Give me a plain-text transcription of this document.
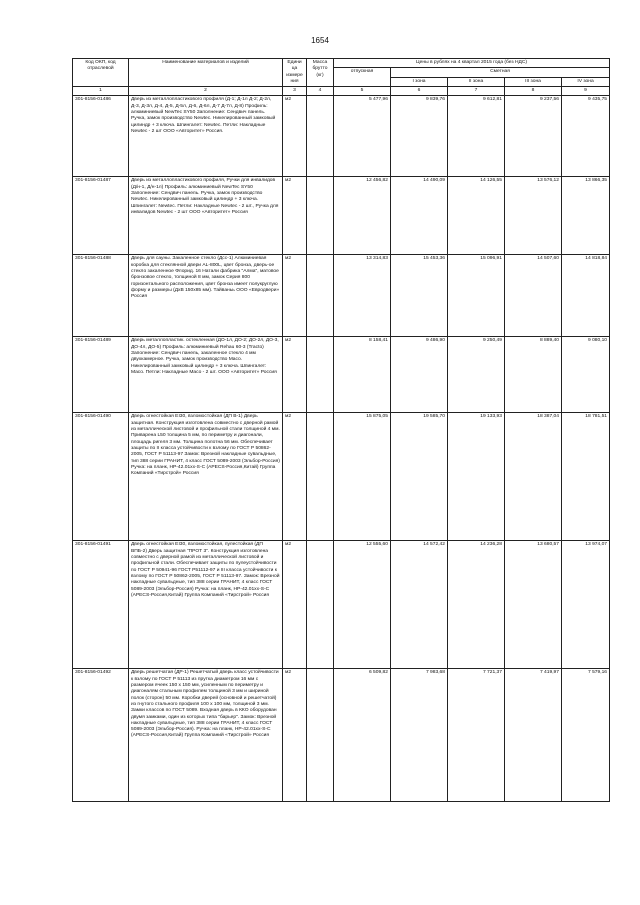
1654
Код ОКП, код отраслевой	Наименование материалов и изделий	Едини ца измере ния	Масса брутто (кг)	Цены в рублях на 4 квартал 2015 года (без НДС)				
				отпускная	Сметная			
					I зона	II зона	III зона	IV зона
1	2	3	4	5	6	7	8	9
301-8156-01486	Дверь из металлопластикового профиля (Д-1; Д-1л Д-2; Д-2л, Д-3, Д-3л, Д-4, Д-5, Д-5л, Д-6, Д-6л, Д-7 Д-7л, Д-8) Профиль: алюминиевый NewTec SY50 Заполнение: Сендвич панель. Ручка, замок производство Newtec. Никелированный замковый цилиндр + 3 ключа. Шпингалет: Newtec. Петли: Накладные Newtec - 2 шт ООО «Авторитет» Россия.	м2		5 477,96	9 839,76	9 612,81	9 237,56	9 435,75
301-8156-01487	Дверь из металлопластикового профиля, Ручки для инвалидов (Д/н-1, Д/н-1л) Профиль: алюминиевый NewTec SY50 Заполнение: Сендвич панель. Ручка, замок производство Newtec. Никелированный замковый цилиндр + 3 ключа. Шпингалет: Newtec. Петли: Накладные Newtec - 2 шт., Ручка для инвалидов Newtec - 2 шт ООО «Авторитет» Россия	м2		12 456,82	14 490,09	14 126,55	13 576,12	13 866,35
301-8156-01488	Дверь для сауны. Закаленное стекло (Дсс-1) Алюминиевая коробка для стеклянной двери AL-800L, цвет бронза, дверь-ое стекло закаленное Флорид. 16 Натали фабрика "Алма", матовое бронзовое стекло, толщиной 8 мм, замок Серия 800 горизонтального расположения, цвет бронза имеет полукруглую форму и размеры (ДхВ 150х85 мм). Тайваньь ООО «Евродвери» Россия	м2		13 314,83	15 453,36	15 096,91	14 507,60	14 818,84
301-8156-01489	Дверь металлопластик. остекленная (ДО-1л, ДО-2; ДО-2л, ДО-3, ДО-4л, ДО-5) Профиль: алюминиевый Rehau 60-3 (Tracto) Заполнение: Сендвич панель, закаленное стекло 4 мм двухкамерное. Ручка, замок производство Maco. Никелированный замковый цилиндр + 3 ключа. Шпингалет: Maco. Петли: Накладные Maco - 2 шт. ООО «Авторитет» Россия	м2		8 158,41	9 486,90	9 250,49	8 889,40	9 080,10
301-8156-01490	Дверь огнестойкая EI30, взломостойкая (ДП В-1) Дверь защитная. Конструкция изготовлена совместно с дверной рамой из металлической листовой и профильной стали толщиной 4 мм. Приварена L50 толщина 5 мм, по периметру и диагонали, площадь ригеля 3 мм. Толщина полотна 56 мм. Обеспечивает защиты по II класса устойчивости к взлому по ГОСТ Р 50862-2005, ГОСТ Р 51113-97 Замок: Врезной накладные сувальдные, тип 388 серии ГРАНИТ, 4 класс ГОСТ 5089-2003 (Эльбор-Россия) Ручка: на планк, НР-42.01хх-S-С (APECS-Россия,Китай) Группа Компаний «Тирстрой» Россия	м2		15 875,05	19 585,70	19 133,93	18 387,04	18 781,51
301-8156-01491	Дверь огнестойкая EI30, взломостойкая, пулестойкая (ДП ВПБ-2) Дверь защитная "ПРОТ 3". Конструкция изготовлена совместно с дверной рамой из металлической листовой и профильной стали. Обеспечивает защиты по пулеустойчивости по ГОСТ Р 50941-96 ГОСТ Р51112-97 и III класса устойчивости к взлому по ГОСТ Р 50862-2005, ГОСТ Р 51113-97. Замок: Врезной накладные сувальдные, тип 388 серии ГРАНИТ, 4 класс ГОСТ 5089-2003 (Эльбор-Россия) Ручка: на планк, НР-42.01хх-S-С (APECS-Россия,Китай) Группа Компаний «Тирстрой» Россия	м2		12 555,60	14 572,42	14 236,28	13 680,57	13 974,07
301-8156-01492	Дверь решетчатая (ДР-1) Решетчатый дверь класс устойчивости к взлому по ГОСТ Р 51113 из прутка диаметром 16 мм с размером ячеек 150 х 150 мм, усиленным по периметру и диагоналям стальным профилем толщиной 3 мм и шириной полок (сторон) 50 мм. Коробки дверей (основной и решетчатой) из гнутого стального профиля 100 х 100 мм, толщиной 3 мм. Замки классов по ГОСТ 5089. Входная дверь в ККО оборудован двумя замками, один из которых типа "барьер". Замок: Врезной накладные сувальдные, тип 388 серии ГРАНИТ, 4 класс ГОСТ 5089-2003 (Эльбор-Россия). Ручка: на планк, НР-42.01хх-S-С (APECS-Россия,Китай) Группа Компаний «Тирстрой» Россия	м2		6 509,82	7 983,68	7 721,37	7 419,97	7 579,16
